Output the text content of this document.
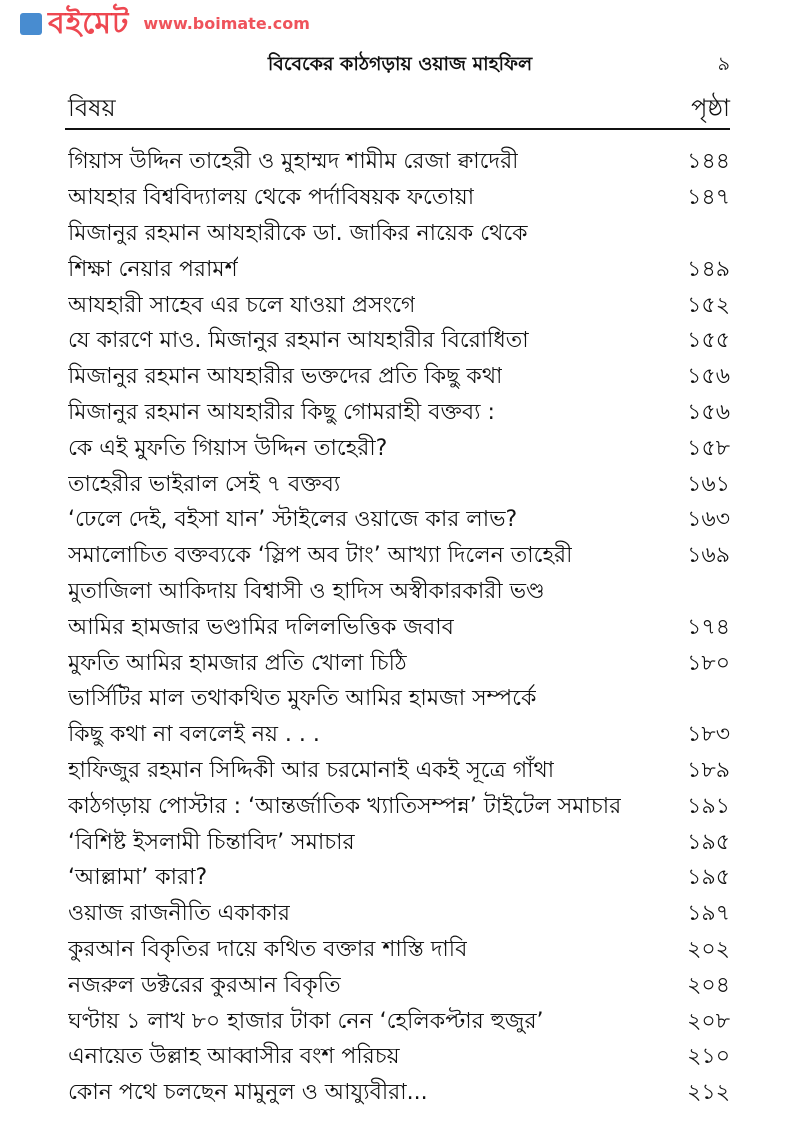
বইমেট www.boimate.com
বিবেকের কাঠগড়ায় ওয়াজ মাহফিল	৯
বিষয়	পৃষ্ঠা
গিয়াস উদ্দিন তাহেরী ও মুহাম্মদ শামীম রেজা ক্বাদেরী	১৪৪
আযহার বিশ্ববিদ্যালয় থেকে পর্দাবিষয়ক ফতোয়া	১৪৭
মিজানুর রহমান আযহারীকে ডা. জাকির নায়েক থেকে
শিক্ষা নেয়ার পরামর্শ	১৪৯
আযহারী সাহেব এর চলে যাওয়া প্রসংগে	১৫২
যে কারণে মাও. মিজানুর রহমান আযহারীর বিরোধিতা	১৫৫
মিজানুর রহমান আযহারীর ভক্তদের প্রতি কিছু কথা	১৫৬
মিজানুর রহমান আযহারীর কিছু গোমরাহী বক্তব্য :	১৫৬
কে এই মুফতি গিয়াস উদ্দিন তাহেরী?	১৫৮
তাহেরীর ভাইরাল সেই ৭ বক্তব্য	১৬১
‘ঢেলে দেই, বইসা যান’ স্টাইলের ওয়াজে কার লাভ?	১৬৩
সমালোচিত বক্তব্যকে ‘স্লিপ অব টাং’ আখ্যা দিলেন তাহেরী	১৬৯
মুতাজিলা আকিদায় বিশ্বাসী ও হাদিস অস্বীকারকারী ভণ্ড
আমির হামজার ভণ্ডামির দলিলভিত্তিক জবাব	১৭৪
মুফতি আমির হামজার প্রতি খোলা চিঠি	১৮০
ভার্সিটির মাল তথাকথিত মুফতি আমির হামজা সম্পর্কে
কিছু কথা না বললেই নয় . . .	১৮৩
হাফিজুর রহমান সিদ্দিকী আর চরমোনাই একই সূত্রে গাঁথা	১৮৯
কাঠগড়ায় পোস্টার : ‘আন্তর্জাতিক খ্যাতিসম্পন্ন’ টাইটেল সমাচার	১৯১
‘বিশিষ্ট ইসলামী চিন্তাবিদ’ সমাচার	১৯৫
‘আল্লামা’ কারা?	১৯৫
ওয়াজ রাজনীতি একাকার	১৯৭
কুরআন বিকৃতির দায়ে কথিত বক্তার শাস্তি দাবি	২০২
নজরুল ডক্টরের কুরআন বিকৃতি	২০৪
ঘণ্টায় ১ লাখ ৮০ হাজার টাকা নেন ‘হেলিকপ্টার হুজুর’	২০৮
এনায়েত উল্লাহ আব্বাসীর বংশ পরিচয়	২১০
কোন পথে চলছেন মামুনুল ও আয্যুবীরা...	২১২
